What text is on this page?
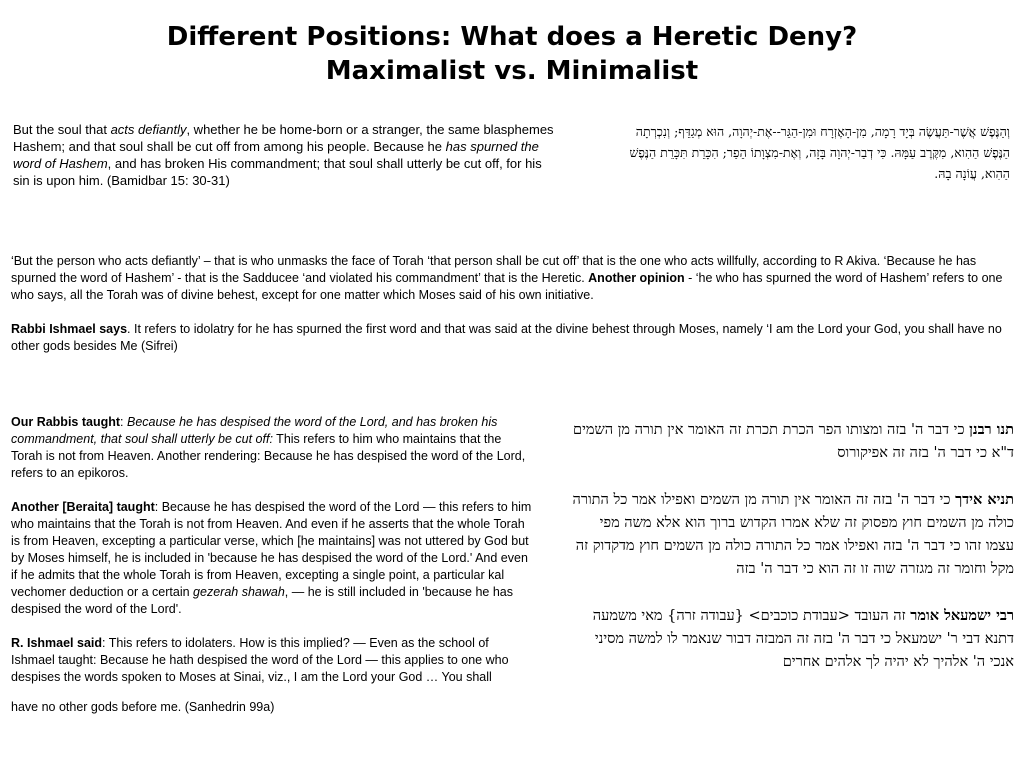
Different Positions: What does a Heretic Deny?
Maximalist vs. Minimalist
But the soul that acts defiantly, whether he be home-born or a stranger, the same blasphemes Hashem; and that soul shall be cut off from among his people. Because he has spurned the word of Hashem, and has broken His commandment; that soul shall utterly be cut off, for his sin is upon him. (Bamidbar 15: 30-31)
וְהַנֶּפֶשׁ אֲשֶׁר-תַּעֲשֶׂה בְּיָד רָמָה, מִן-הָאֶזְרָח וּמִן-הַגֵּר--אֶת-יְהוָה, הוּא מְגַדֵּף; וְנִכְרְתָה הַנֶּפֶשׁ הַהִוא, מִקֶּרֶב עַמָּהּ. כִּי דְבַר-יְהוָה בָּזָה, וְאֶת-מִצְוָתוֹ הֵפַר; הִכָּרֵת תִּכָּרֵת הַנֶּפֶשׁ הַהִוא, עֲוֹנָה בָהּ.

‘But the person who acts defiantly’ – that is who unmasks the face of Torah ‘that person shall be cut off’ that is the one who acts willfully, according to R Akiva. ‘Because he has spurned the word of Hashem’ - that is the Sadducee ‘and violated his commandment’ that is the Heretic. Another opinion - ‘he who has spurned the word of Hashem’ refers to one who says, all the Torah was of divine behest, except for one matter which Moses said of his own initiative.

Rabbi Ishmael says. It refers to idolatry for he has spurned the first word and that was said at the divine behest through Moses, namely ‘I am the Lord your God, you shall have no other gods besides Me (Sifrei)

Our Rabbis taught: Because he has despised the word of the Lord, and has broken his commandment, that soul shall utterly be cut off: This refers to him who maintains that the Torah is not from Heaven. Another rendering: Because he has despised the word of the Lord, refers to an epikoros.

Another [Beraita] taught: Because he has despised the word of the Lord — this refers to him who maintains that the Torah is not from Heaven. And even if he asserts that the whole Torah is from Heaven, excepting a particular verse, which [he maintains] was not uttered by God but by Moses himself, he is included in 'because he has despised the word of the Lord.' And even if he admits that the whole Torah is from Heaven, excepting a single point, a particular kal vechomer deduction or a certain gezerah shawah, — he is still included in 'because he has despised the word of the Lord'.

R. Ishmael said: This refers to idolaters. How is this implied? — Even as the school of Ishmael taught: Because he hath despised the word of the Lord — this applies to one who despises the words spoken to Moses at Sinai, viz., I am the Lord your God … You shall

have no other gods before me. (Sanhedrin 99a)

תנו רבנן כי דבר ה' בזה ומצותו הפר הכרת תכרת זה האומר אין תורה מן השמים ד"א כי דבר ה' בזה זה אפיקורוס

תניא אידך כי דבר ה' בזה זה האומר אין תורה מן השמים ואפילו אמר כל התורה כולה מן השמים חוץ מפסוק זה שלא אמרו הקדוש ברוך הוא אלא משה מפי עצמו זהו כי דבר ה' בזה ואפילו אמר כל התורה כולה מן השמים חוץ מדקדוק זה מקל וחומר זה מגזרה שוה זו זה הוא כי דבר ה' בזה

רבי ישמעאל אומר זה העובד <עבודת כוכבים> {עבודה זרה} מאי משמעה דתנא דבי ר' ישמעאל כי דבר ה' בזה זה המבזה דבור שנאמר לו למשה מסיני אנכי ה' אלהיך לא יהיה לך אלהים אחרים
